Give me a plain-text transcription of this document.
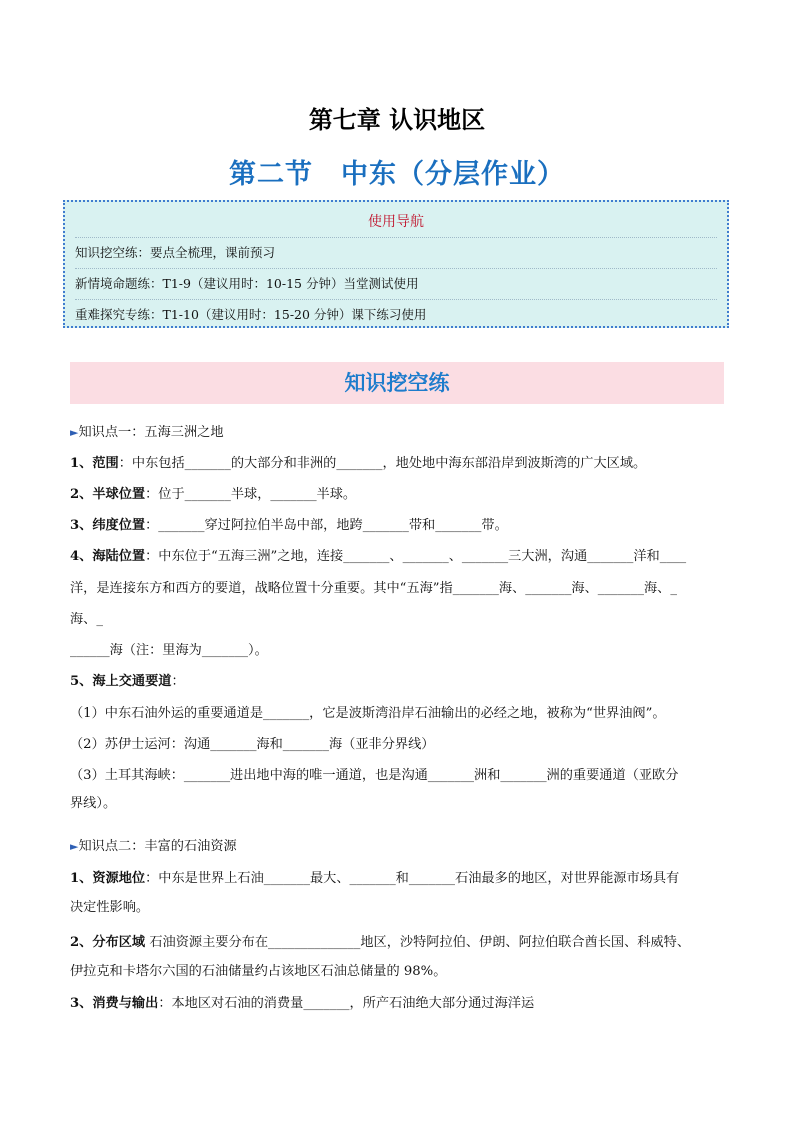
第七章 认识地区
第二节　中东（分层作业）
使用导航
知识挖空练：要点全梳理，课前预习
新情境命题练：T1-9（建议用时：10-15 分钟）当堂测试使用
重难探究专练：T1-10（建议用时：15-20 分钟）课下练习使用
知识挖空练
►知识点一：五海三洲之地
1、范围：中东包括_______的大部分和非洲的_______，地处地中海东部沿岸到波斯湾的广大区域。
2、半球位置：位于_______半球，_______半球。
3、纬度位置：_______穿过阿拉伯半岛中部，地跨_______带和_______带。
4、海陆位置：中东位于“五海三洲”之地，连接_______、_______、_______三大洲，沟通_______洋和____
洋，是连接东方和西方的要道，战略位置十分重要。其中“五海”指_______海、_______海、_______海、_
海、_
______海（注：里海为_______）。
5、海上交通要道：
（1）中东石油外运的重要通道是_______，它是波斯湾沿岸石油输出的必经之地，被称为“世界油阀”。
（2）苏伊士运河：沟通_______海和_______海（亚非分界线）
（3）土耳其海峡：_______进出地中海的唯一通道，也是沟通_______洲和_______洲的重要通道（亚欧分
界线）。
►知识点二：丰富的石油资源
1、资源地位：中东是世界上石油_______最大、_______和_______石油最多的地区，对世界能源市场具有
决定性影响。
2、分布区域 石油资源主要分布在______________地区，沙特阿拉伯、伊朗、阿拉伯联合酋长国、科威特、
伊拉克和卡塔尔六国的石油储量约占该地区石油总储量的 98%。
3、消费与输出：本地区对石油的消费量_______，所产石油绝大部分通过海洋运
